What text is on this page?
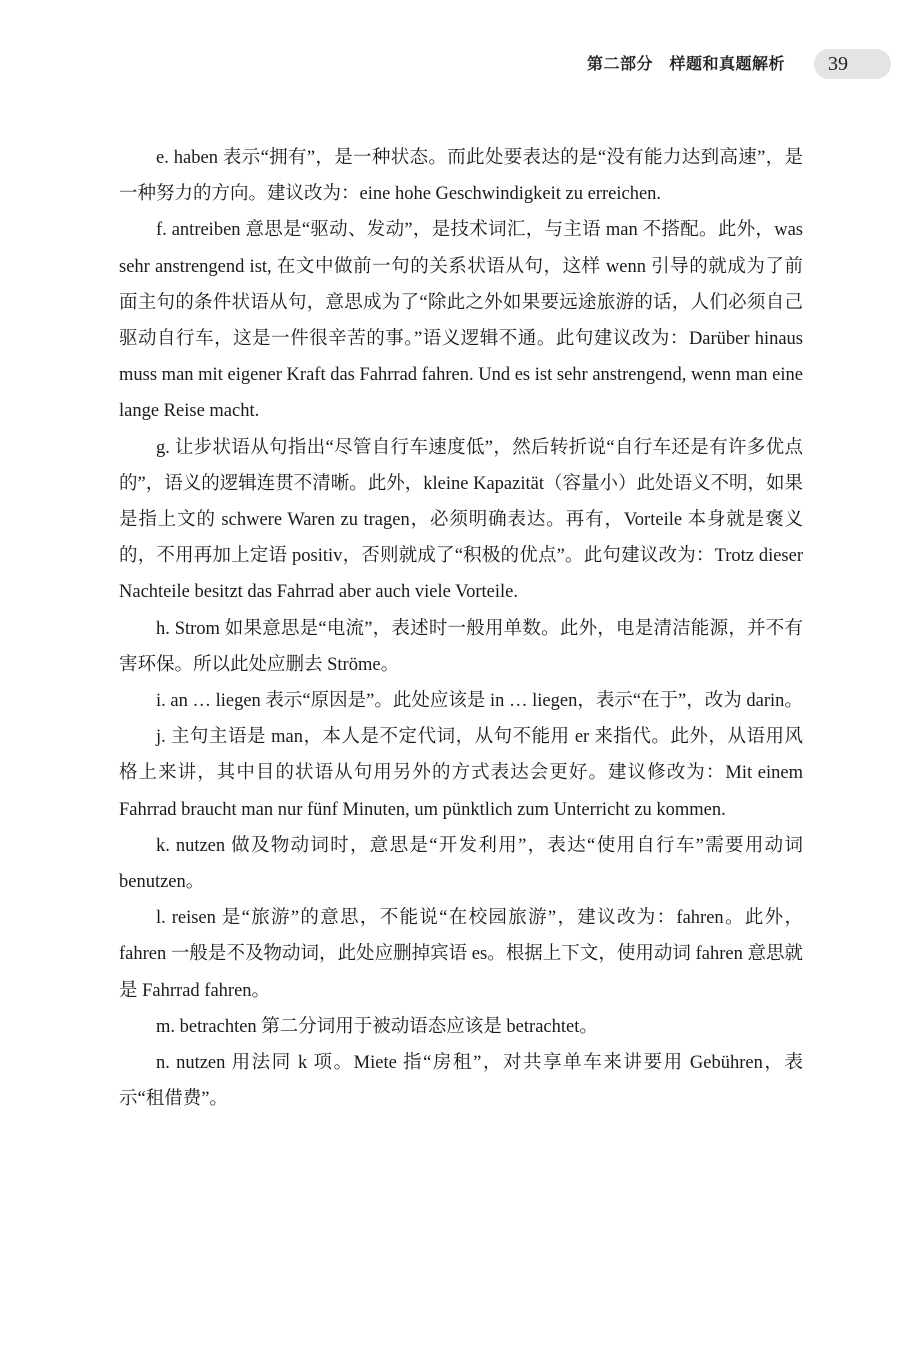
第二部分　样题和真题解析 39

e. haben 表示“拥有”，是一种状态。而此处要表达的是“没有能力达到高速”，是一种努力的方向。建议改为：eine hohe Geschwindigkeit zu erreichen.

f. antreiben 意思是“驱动、发动”，是技术词汇，与主语 man 不搭配。此外，was sehr anstrengend ist, 在文中做前一句的关系状语从句，这样 wenn 引导的就成为了前面主句的条件状语从句，意思成为了“除此之外如果要远途旅游的话，人们必须自己驱动自行车，这是一件很辛苦的事。”语义逻辑不通。此句建议改为：Darüber hinaus muss man mit eigener Kraft das Fahrrad fahren. Und es ist sehr anstrengend, wenn man eine lange Reise macht.

g. 让步状语从句指出“尽管自行车速度低”，然后转折说“自行车还是有许多优点的”，语义的逻辑连贯不清晰。此外，kleine Kapazität（容量小）此处语义不明，如果是指上文的 schwere Waren zu tragen，必须明确表达。再有，Vorteile 本身就是褒义的，不用再加上定语 positiv，否则就成了“积极的优点”。此句建议改为：Trotz dieser Nachteile besitzt das Fahrrad aber auch viele Vorteile.

h. Strom 如果意思是“电流”，表述时一般用单数。此外，电是清洁能源，并不有害环保。所以此处应删去 Ströme。

i. an … liegen 表示“原因是”。此处应该是 in … liegen，表示“在于”，改为 darin。

j. 主句主语是 man，本人是不定代词，从句不能用 er 来指代。此外，从语用风格上来讲，其中目的状语从句用另外的方式表达会更好。建议修改为：Mit einem Fahrrad braucht man nur fünf Minuten, um pünktlich zum Unterricht zu kommen.

k. nutzen 做及物动词时，意思是“开发利用”，表达“使用自行车”需要用动词 benutzen。

l. reisen 是“旅游”的意思，不能说“在校园旅游”，建议改为：fahren。此外，fahren 一般是不及物动词，此处应删掉宾语 es。根据上下文，使用动词 fahren 意思就是 Fahrrad fahren。

m. betrachten 第二分词用于被动语态应该是 betrachtet。

n. nutzen 用法同 k 项。Miete 指“房租”，对共享单车来讲要用 Gebühren，表示“租借费”。
